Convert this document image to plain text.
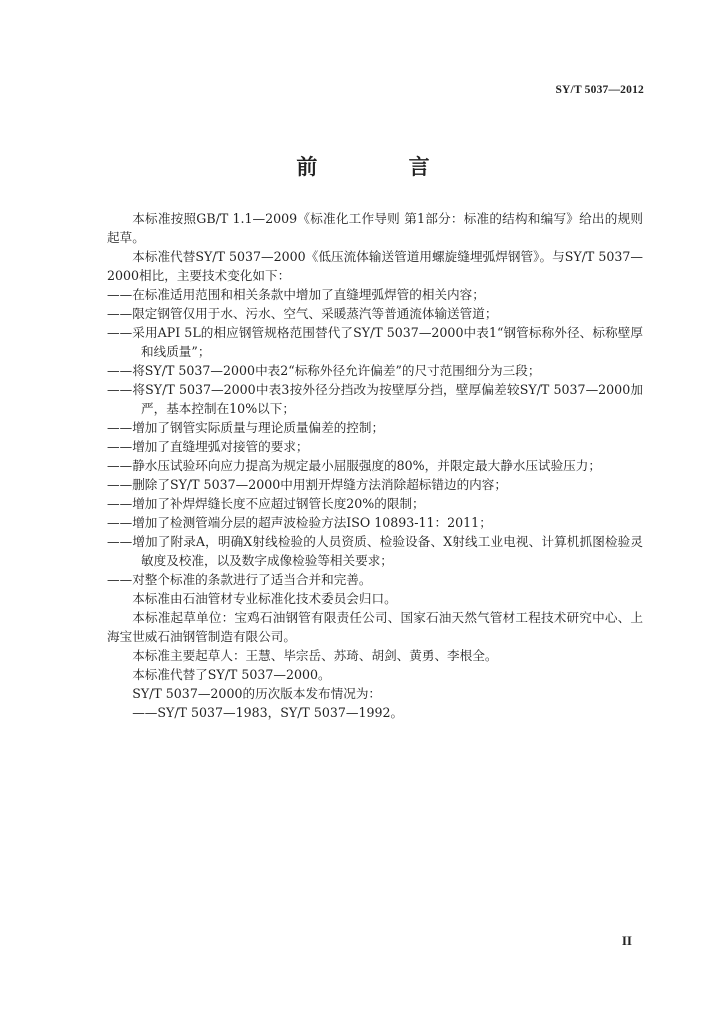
SY/T 5037—2012
前 言

本标准按照GB/T 1.1—2009《标准化工作导则 第1部分：标准的结构和编写》给出的规则起草。

本标准代替SY/T 5037—2000《低压流体输送管道用螺旋缝埋弧焊钢管》。与SY/T 5037—2000相比，主要技术变化如下：

——在标准适用范围和相关条款中增加了直缝埋弧焊管的相关内容；

——限定钢管仅用于水、污水、空气、采暖蒸汽等普通流体输送管道；

——采用API 5L的相应钢管规格范围替代了SY/T 5037—2000中表1“钢管标称外径、标称壁厚和线质量”；

——将SY/T 5037—2000中表2“标称外径允许偏差”的尺寸范围细分为三段；

——将SY/T 5037—2000中表3按外径分挡改为按壁厚分挡，壁厚偏差较SY/T 5037—2000加严，基本控制在10%以下；

——增加了钢管实际质量与理论质量偏差的控制；

——增加了直缝埋弧对接管的要求；

——静水压试验环向应力提高为规定最小屈服强度的80%，并限定最大静水压试验压力；

——删除了SY/T 5037—2000中用割开焊缝方法消除超标错边的内容；

——增加了补焊焊缝长度不应超过钢管长度20%的限制；

——增加了检测管端分层的超声波检验方法ISO 10893-11：2011；

——增加了附录A，明确X射线检验的人员资质、检验设备、X射线工业电视、计算机抓图检验灵敏度及校准，以及数字成像检验等相关要求；

——对整个标准的条款进行了适当合并和完善。

本标准由石油管材专业标准化技术委员会归口。

本标准起草单位：宝鸡石油钢管有限责任公司、国家石油天然气管材工程技术研究中心、上海宝世威石油钢管制造有限公司。

本标准主要起草人：王慧、毕宗岳、苏琦、胡剑、黄勇、李根全。

本标准代替了SY/T 5037—2000。

SY/T 5037—2000的历次版本发布情况为：

——SY/T 5037—1983，SY/T 5037—1992。

II
